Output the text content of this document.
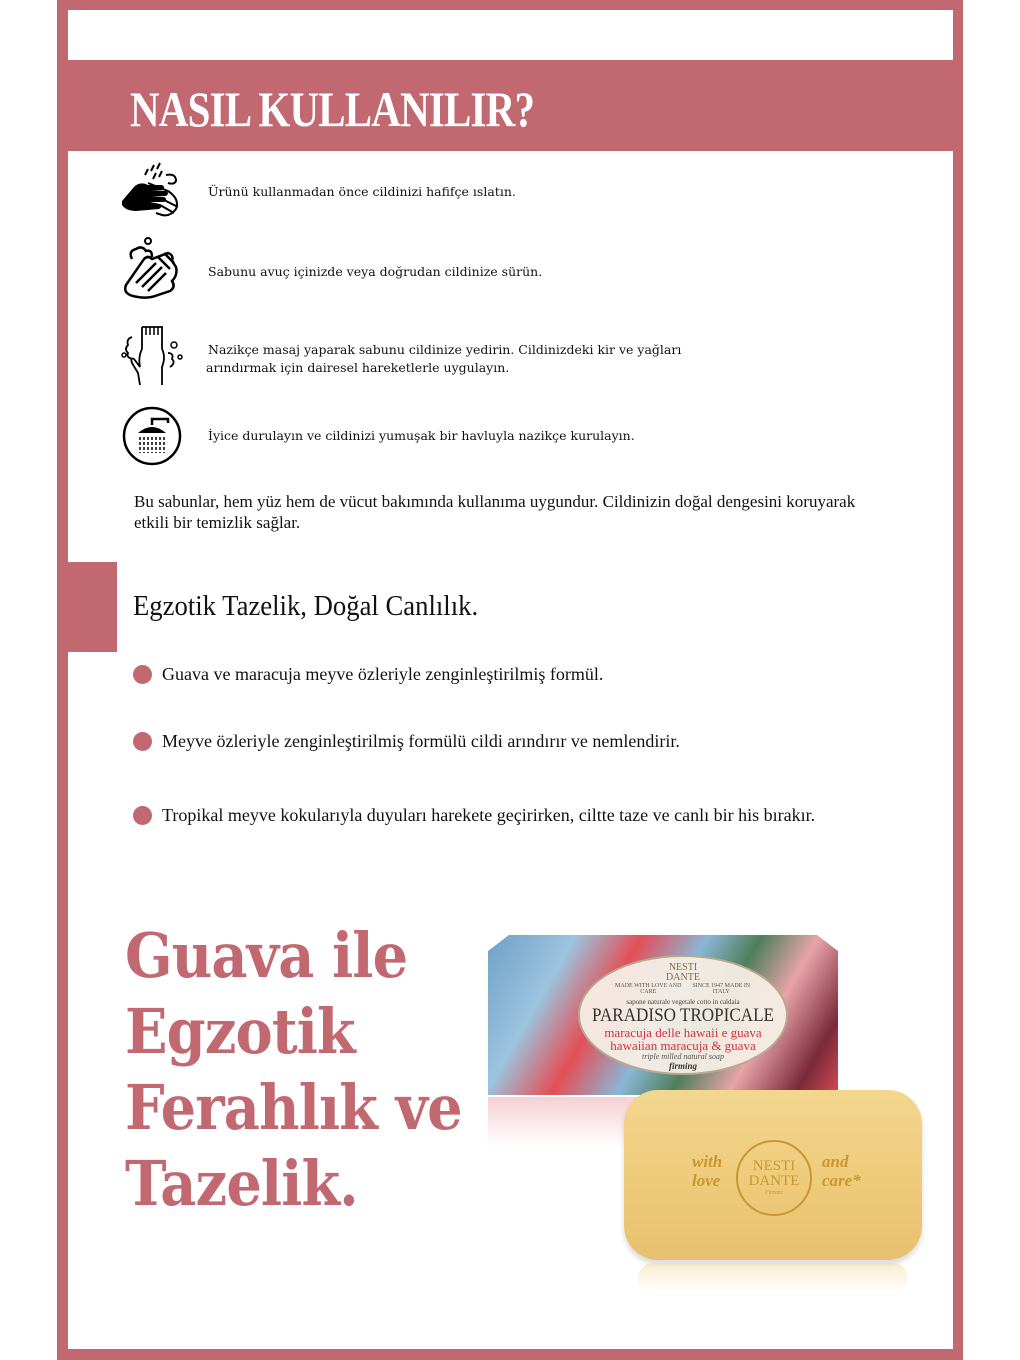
NASIL KULLANILIR?
Ürünü kullanmadan önce cildinizi hafifçe ıslatın.
Sabunu avuç içinizde veya doğrudan cildinize sürün.
Nazikçe masaj yaparak sabunu cildinize yedirin. Cildinizdeki kir ve yağları
arındırmak için dairesel hareketlerle uygulayın.
İyice durulayın ve cildinizi yumuşak bir havluyla nazikçe kurulayın.
Bu sabunlar, hem yüz hem de vücut bakımında kullanıma uygundur. Cildinizin doğal dengesini koruyarak etkili bir temizlik sağlar.
Egzotik Tazelik, Doğal Canlılık.
Guava ve maracuja meyve özleriyle zenginleştirilmiş formül.
Meyve özleriyle zenginleştirilmiş formülü cildi arındırır ve nemlendirir.
Tropikal meyve kokularıyla duyuları harekete geçirirken, ciltte taze ve canlı bir his bırakır.
Guava ile
Egzotik
Ferahlık ve
Tazelik.
NESTI
DANTE
MADE WITH LOVE AND CARE
SINCE 1947 MADE IN ITALY
sapone naturale vegetale cotto in caldaia
PARADISO TROPICALE
maracuja delle hawaii e guava
hawaiian maracuja & guava
triple milled natural soap
firming
with love
NESTI
DANTE
Firenze
and care*
